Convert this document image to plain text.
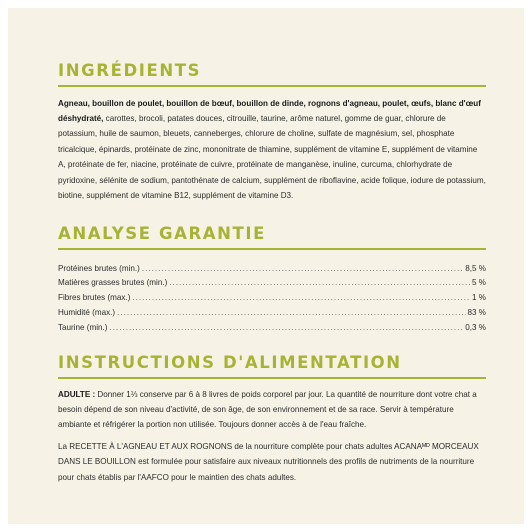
INGRÉDIENTS
Agneau, bouillon de poulet, bouillon de bœuf, bouillon de dinde, rognons d'agneau, poulet, œufs, blanc d'œuf déshydraté, carottes, brocoli, patates douces, citrouille, taurine, arôme naturel, gomme de guar, chlorure de potassium, huile de saumon, bleuets, canneberges, chlorure de choline, sulfate de magnésium, sel, phosphate tricalcique, épinards, protéinate de zinc, mononitrate de thiamine, supplément de vitamine E, supplément de vitamine A, protéinate de fer, niacine, protéinate de cuivre, protéinate de manganèse, inuline, curcuma, chlorhydrate de pyridoxine, sélénite de sodium, pantothénate de calcium, supplément de riboflavine, acide folique, iodure de potassium, biotine, supplément de vitamine B12, supplément de vitamine D3.
ANALYSE GARANTIE
Protéines brutes (min.) .....	8,5 %
Matières grasses brutes (min.) .....	5 %
Fibres brutes (max.) .....	1 %
Humidité (max.) .....	83 %
Taurine (min.) .....	0,3 %
INSTRUCTIONS D'ALIMENTATION
ADULTE : Donner 1⅓ conserve par 6 à 8 livres de poids corporel par jour. La quantité de nourriture dont votre chat a besoin dépend de son niveau d'activité, de son âge, de son environnement et de sa race. Servir à température ambiante et réfrigérer la portion non utilisée. Toujours donner accès à de l'eau fraîche.
La RECETTE À L'AGNEAU ET AUX ROGNONS de la nourriture complète pour chats adultes ACANAᴹᴰ MORCEAUX DANS LE BOUILLON est formulée pour satisfaire aux niveaux nutritionnels des profils de nutriments de la nourriture pour chats établis par l'AAFCO pour le maintien des chats adultes.
